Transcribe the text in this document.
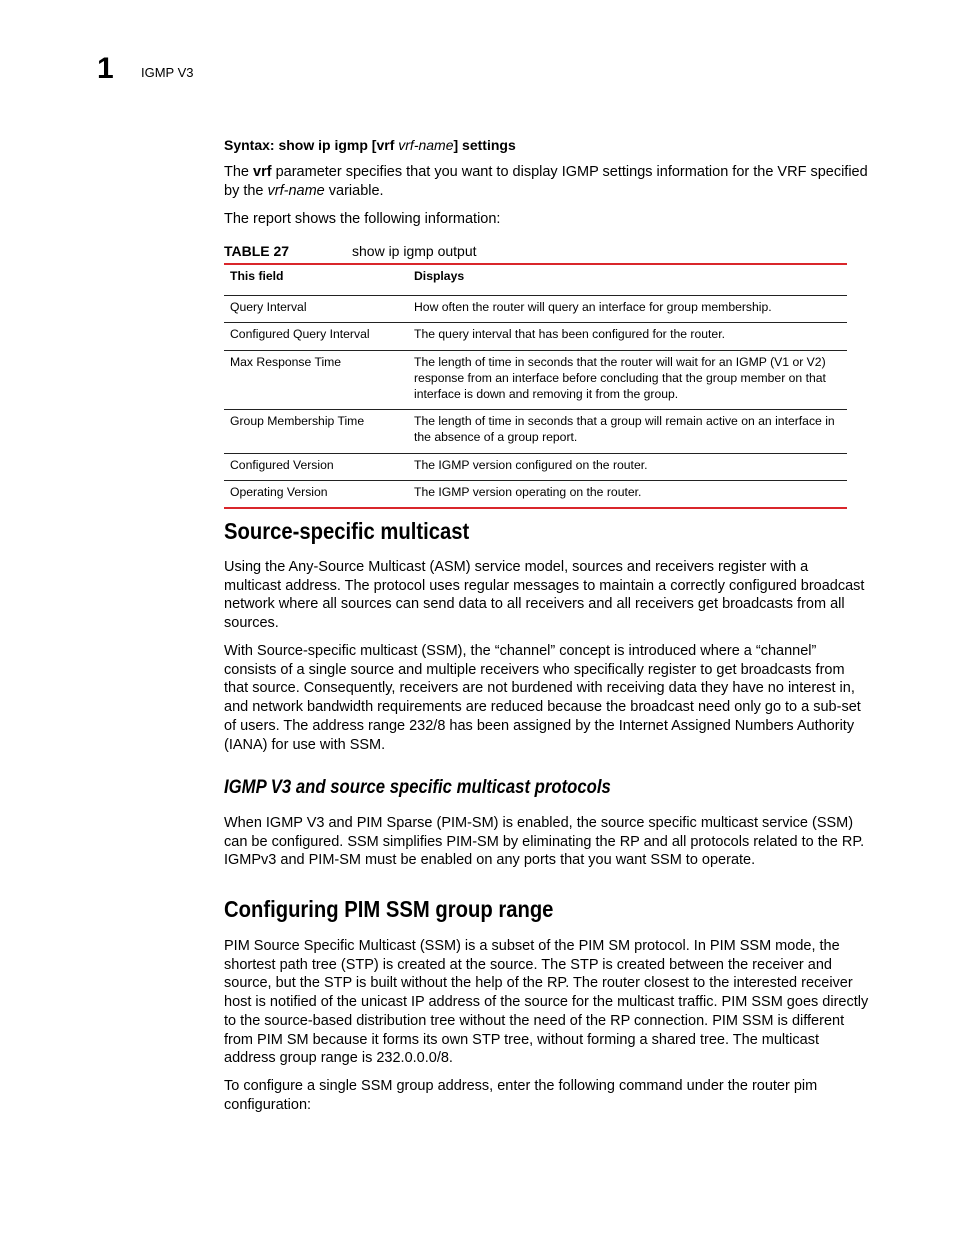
1 IGMP V3
Syntax: show ip igmp [vrf vrf-name] settings

The vrf parameter specifies that you want to display IGMP settings information for the VRF specified by the vrf-name variable.

The report shows the following information:

TABLE 27	show ip igmp output
This field	Displays
Query Interval	How often the router will query an interface for group membership.
Configured Query Interval	The query interval that has been configured for the router.
Max Response Time	The length of time in seconds that the router will wait for an IGMP (V1 or V2) response from an interface before concluding that the group member on that interface is down and removing it from the group.
Group Membership Time	The length of time in seconds that a group will remain active on an interface in the absence of a group report.
Configured Version	The IGMP version configured on the router.
Operating Version	The IGMP version operating on the router.
Source-specific multicast

Using the Any-Source Multicast (ASM) service model, sources and receivers register with a multicast address. The protocol uses regular messages to maintain a correctly configured broadcast network where all sources can send data to all receivers and all receivers get broadcasts from all sources.

With Source-specific multicast (SSM), the “channel” concept is introduced where a “channel” consists of a single source and multiple receivers who specifically register to get broadcasts from that source. Consequently, receivers are not burdened with receiving data they have no interest in, and network bandwidth requirements are reduced because the broadcast need only go to a sub-set of users. The address range 232/8 has been assigned by the Internet Assigned Numbers Authority (IANA) for use with SSM.

IGMP V3 and source specific multicast protocols

When IGMP V3 and PIM Sparse (PIM-SM) is enabled, the source specific multicast service (SSM) can be configured. SSM simplifies PIM-SM by eliminating the RP and all protocols related to the RP. IGMPv3 and PIM-SM must be enabled on any ports that you want SSM to operate.

Configuring PIM SSM group range

PIM Source Specific Multicast (SSM) is a subset of the PIM SM protocol. In PIM SSM mode, the shortest path tree (STP) is created at the source. The STP is created between the receiver and source, but the STP is built without the help of the RP. The router closest to the interested receiver host is notified of the unicast IP address of the source for the multicast traffic. PIM SSM goes directly to the source-based distribution tree without the need of the RP connection. PIM SSM is different from PIM SM because it forms its own STP tree, without forming a shared tree. The multicast address group range is 232.0.0.0/8.

To configure a single SSM group address, enter the following command under the router pim configuration:
